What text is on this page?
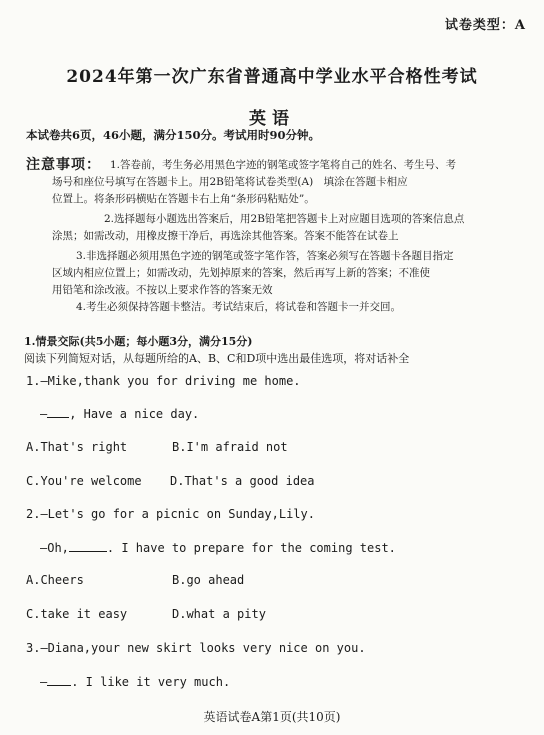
试卷类型：A
2024年第一次广东省普通高中学业水平合格性考试
英语
本试卷共6页，46小题，满分150分。考试用时90分钟。
注意事项： 1.答卷前，考生务必用黑色字迹的钢笔或签字笔将自己的姓名、考生号、考
场号和座位号填写在答题卡上。用2B铅笔将试卷类型(A)　填涂在答题卡相应
位置上。将条形码横贴在答题卡右上角“条形码粘贴处”。
2.选择题每小题选出答案后，用2B铅笔把答题卡上对应题目选项的答案信息点
涂黑；如需改动，用橡皮擦干净后，再选涂其他答案。答案不能答在试卷上
3.非选择题必须用黑色字迹的钢笔或签字笔作答，答案必须写在答题卡各题目指定
区域内相应位置上；如需改动，先划掉原来的答案，然后再写上新的答案；不准使
用铅笔和涂改液。不按以上要求作答的答案无效
4.考生必须保持答题卡整洁。考试结束后，将试卷和答题卡一并交回。
1.情景交际(共5小题；每小题3分，满分15分)
阅读下列简短对话，从每题所给的A、B、C和D项中选出最佳选项，将对话补全
1.—Mike,thank you for driving me home.
— , Have a nice day.
A.That's right	B.I'm afraid not
C.You're welcome D.That's a good idea
2.—Let's go for a picnic on Sunday,Lily.
—Oh,	. I have to prepare for the coming test.
A.Cheers	B.go ahead
C.take it easy	D.what a pity
3.—Diana,your new skirt looks very nice on you.
— . I like it very much.
英语试卷A第1页(共10页)
